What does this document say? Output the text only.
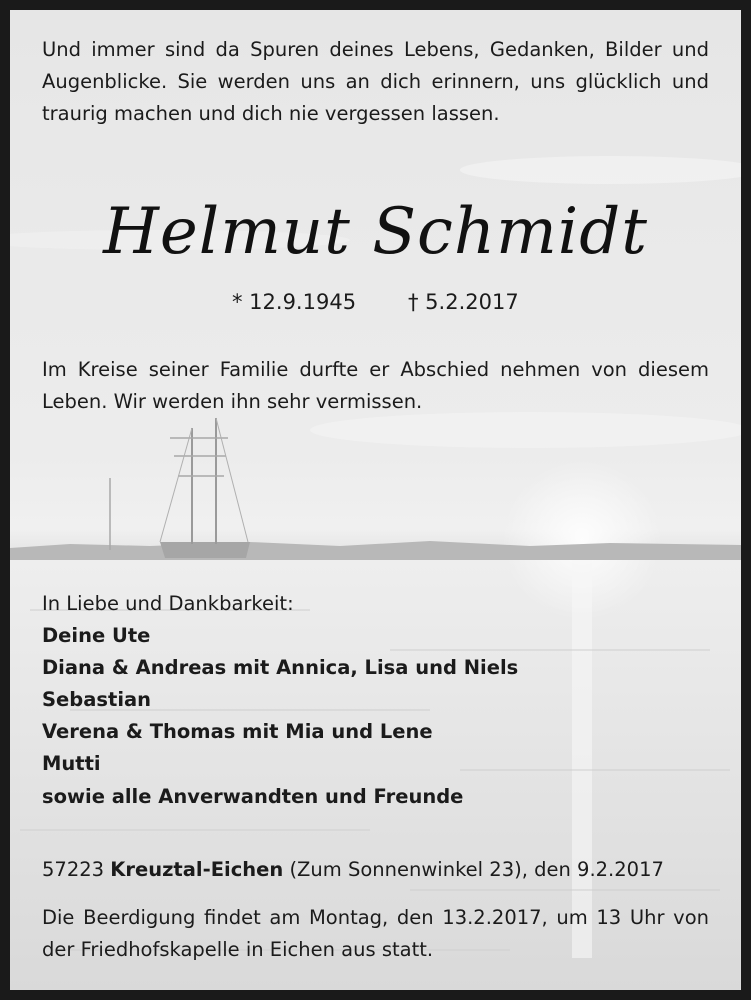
Und immer sind da Spuren deines Lebens, Gedanken, Bilder und Augenblicke. Sie werden uns an dich erinnern, uns glücklich und traurig machen und dich nie vergessen lassen.
Helmut Schmidt
* 12.9.1945 † 5.2.2017
Im Kreise seiner Familie durfte er Abschied nehmen von diesem Leben. Wir werden ihn sehr vermissen.
In Liebe und Dankbarkeit:
Deine Ute
Diana & Andreas mit Annica, Lisa und Niels
Sebastian
Verena & Thomas mit Mia und Lene
Mutti
sowie alle Anverwandten und Freunde
57223 Kreuztal-Eichen (Zum Sonnenwinkel 23), den 9.2.2017
Die Beerdigung findet am Montag, den 13.2.2017, um 13 Uhr von der Friedhofskapelle in Eichen aus statt.
